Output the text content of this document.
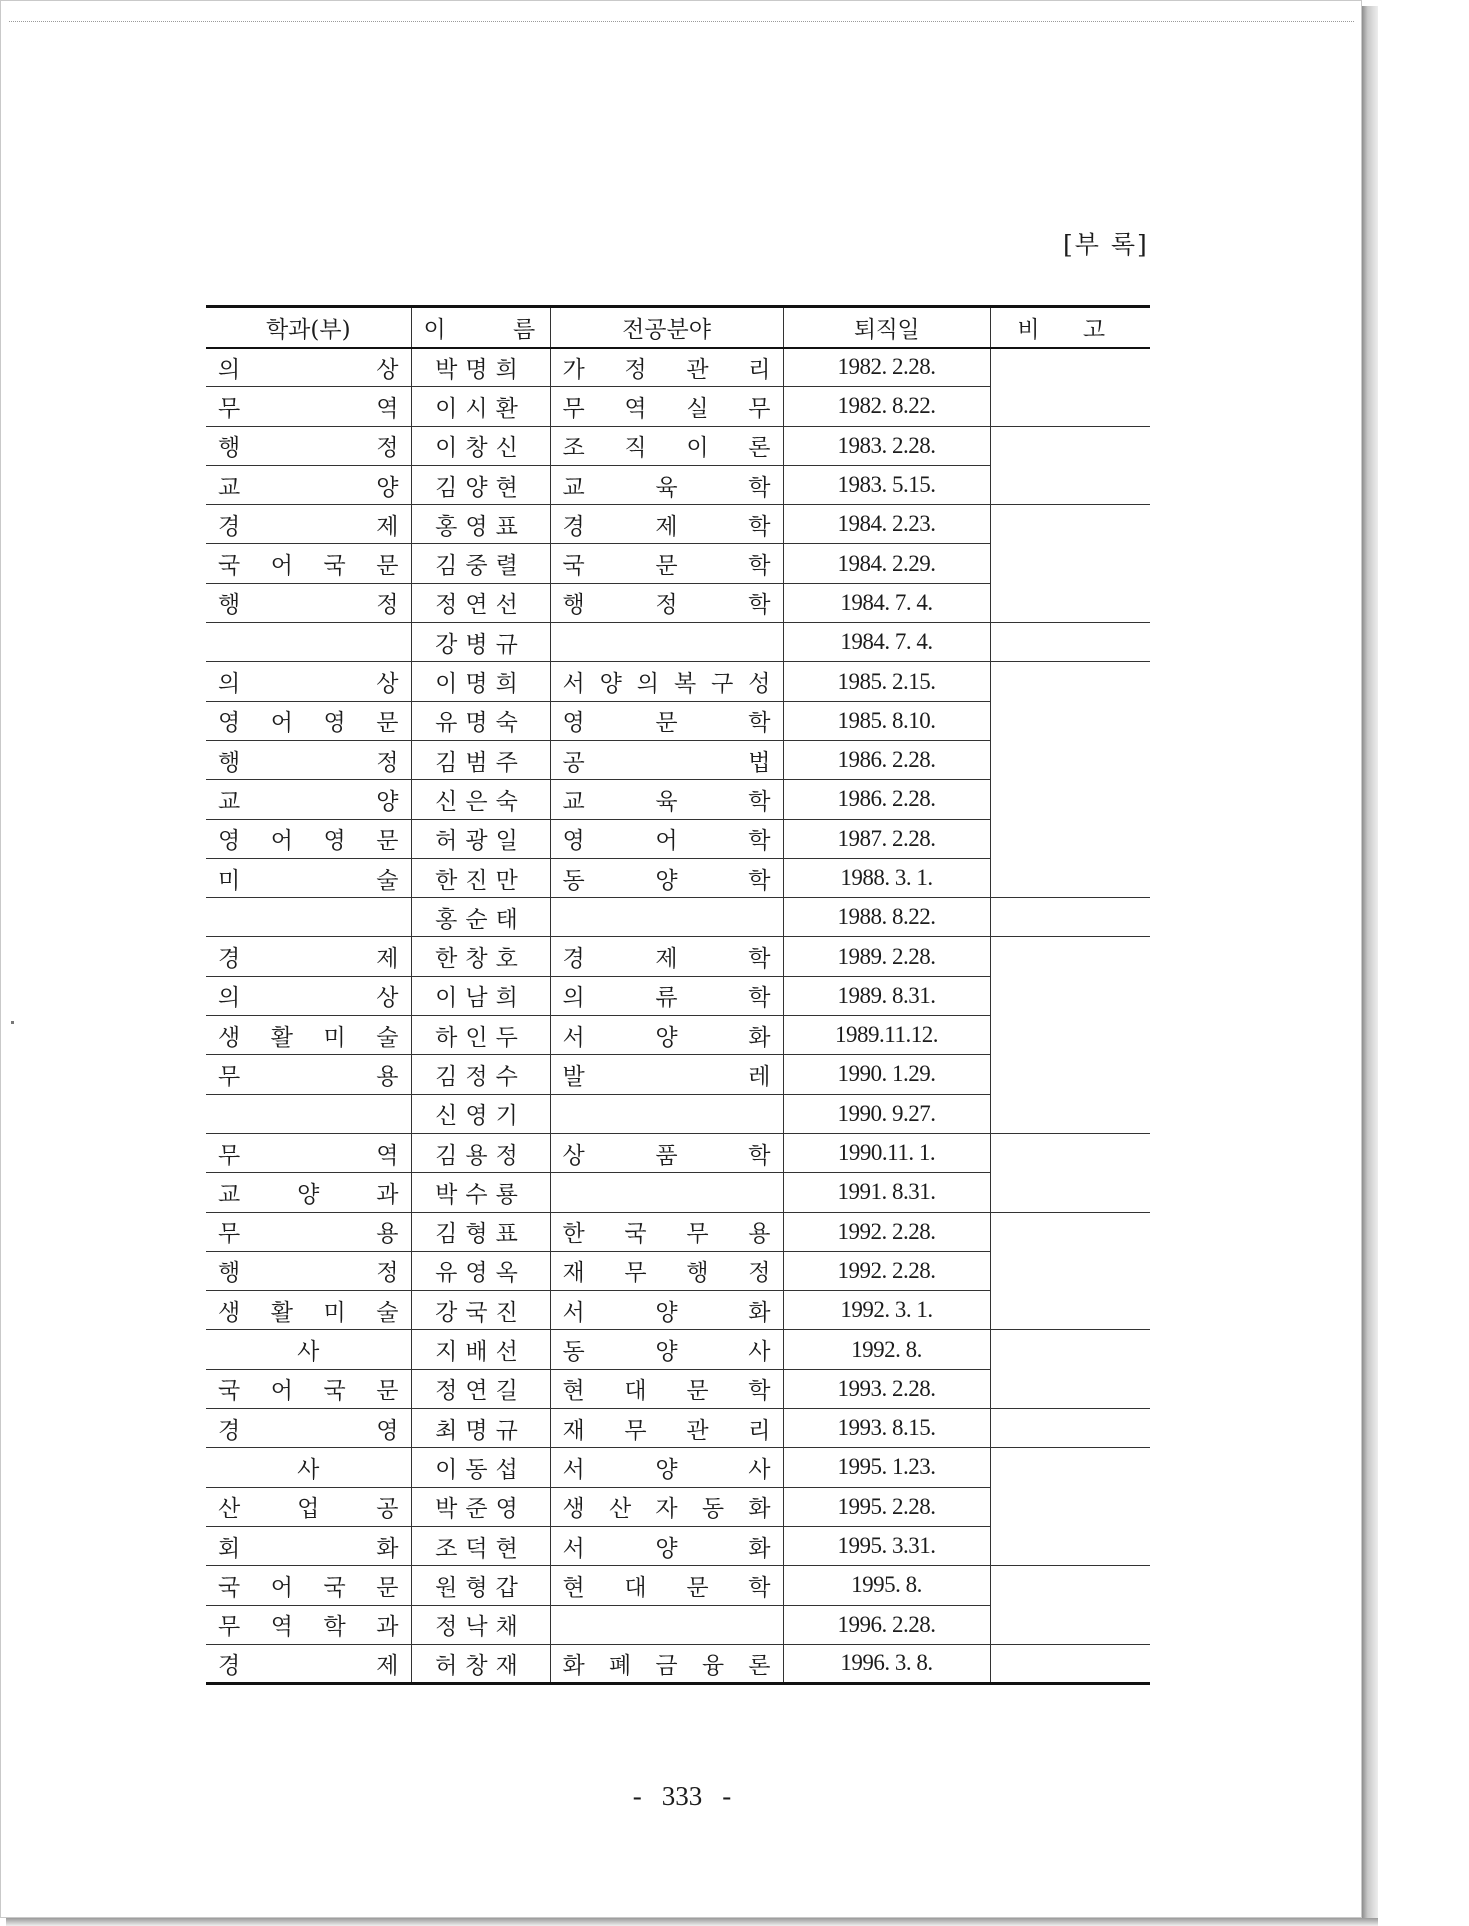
[부 록]
학과(부)	이 름	전공분야	퇴직일	비 고
의 상	박명희	가 정 관 리	1982. 2.28.	
무 역	이시환	무 역 실 무	1982. 8.22.	
행 정	이창신	조 직 이 론	1983. 2.28.	
교 양	김양현	교 육 학	1983. 5.15.	
경 제	홍영표	경 제 학	1984. 2.23.	
국 어 국 문	김중렬	국 문 학	1984. 2.29.	
행 정	정연선	행 정 학	1984. 7. 4.	
	강병규		1984. 7. 4.	
의 상	이명희	서 양 의 복 구 성	1985. 2.15.	
영 어 영 문	유명숙	영 문 학	1985. 8.10.	
행 정	김범주	공 법	1986. 2.28.	
교 양	신은숙	교 육 학	1986. 2.28.	
영 어 영 문	허광일	영 어 학	1987. 2.28.	
미 술	한진만	동 양 학	1988. 3. 1.	
	홍순태		1988. 8.22.	
경 제	한창호	경 제 학	1989. 2.28.	
의 상	이남희	의 류 학	1989. 8.31.	
생 활 미 술	하인두	서 양 화	1989.11.12.	
무 용	김정수	발 레	1990. 1.29.	
	신영기		1990. 9.27.	
무 역	김용정	상 품 학	1990.11. 1.	
교 양 과	박수룡		1991. 8.31.	
무 용	김형표	한 국 무 용	1992. 2.28.	
행 정	유영옥	재 무 행 정	1992. 2.28.	
생 활 미 술	강국진	서 양 화	1992. 3. 1.	
사	지배선	동 양 사	1992. 8.	
국 어 국 문	정연길	현 대 문 학	1993. 2.28.	
경 영	최명규	재 무 관 리	1993. 8.15.	
사	이동섭	서 양 사	1995. 1.23.	
산 업 공	박준영	생 산 자 동 화	1995. 2.28.	
회 화	조덕현	서 양 화	1995. 3.31.	
국 어 국 문	원형갑	현 대 문 학	1995. 8.	
무 역 학 과	정낙채		1996. 2.28.	
경 제	허창재	화 폐 금 융 론	1996. 3. 8.	
- 333 -
